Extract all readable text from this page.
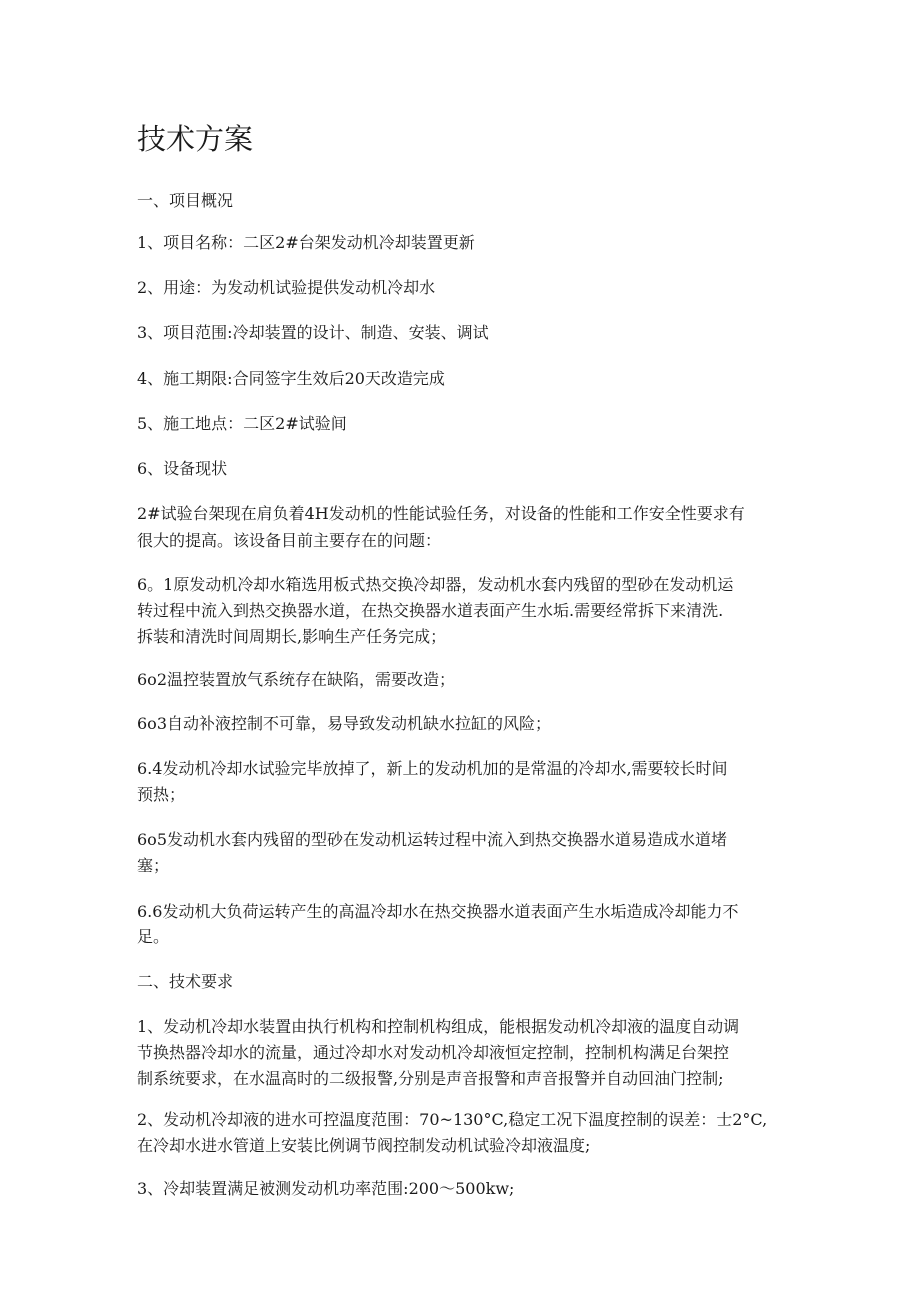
技术方案

一、项目概况

1、项目名称：二区2#台架发动机冷却装置更新

2、用途：为发动机试验提供发动机冷却水

3、项目范围:冷却装置的设计、制造、安装、调试

4、施工期限:合同签字生效后20天改造完成

5、施工地点：二区2#试验间

6、设备现状

2#试验台架现在肩负着4H发动机的性能试验任务，对设备的性能和工作安全性要求有

很大的提高。该设备目前主要存在的问题：

6。1原发动机冷却水箱选用板式热交换冷却器，发动机水套内残留的型砂在发动机运

转过程中流入到热交换器水道，在热交换器水道表面产生水垢.需要经常拆下来清洗.

拆装和清洗时间周期长,影响生产任务完成；

6o2温控装置放气系统存在缺陷，需要改造；

6o3自动补液控制不可靠，易导致发动机缺水拉缸的风险；

6.4发动机冷却水试验完毕放掉了，新上的发动机加的是常温的冷却水,需要较长时间

预热；

6o5发动机水套内残留的型砂在发动机运转过程中流入到热交换器水道易造成水道堵

塞；

6.6发动机大负荷运转产生的高温冷却水在热交换器水道表面产生水垢造成冷却能力不

足。

二、技术要求

1、发动机冷却水装置由执行机构和控制机构组成，能根据发动机冷却液的温度自动调

节换热器冷却水的流量，通过冷却水对发动机冷却液恒定控制，控制机构满足台架控

制系统要求，在水温高时的二级报警,分别是声音报警和声音报警并自动回油门控制;

2、发动机冷却液的进水可控温度范围：70~130°C,稳定工况下温度控制的误差：士2°C,

在冷却水进水管道上安装比例调节阀控制发动机试验冷却液温度;

3、冷却装置满足被测发动机功率范围:200～500kw;
